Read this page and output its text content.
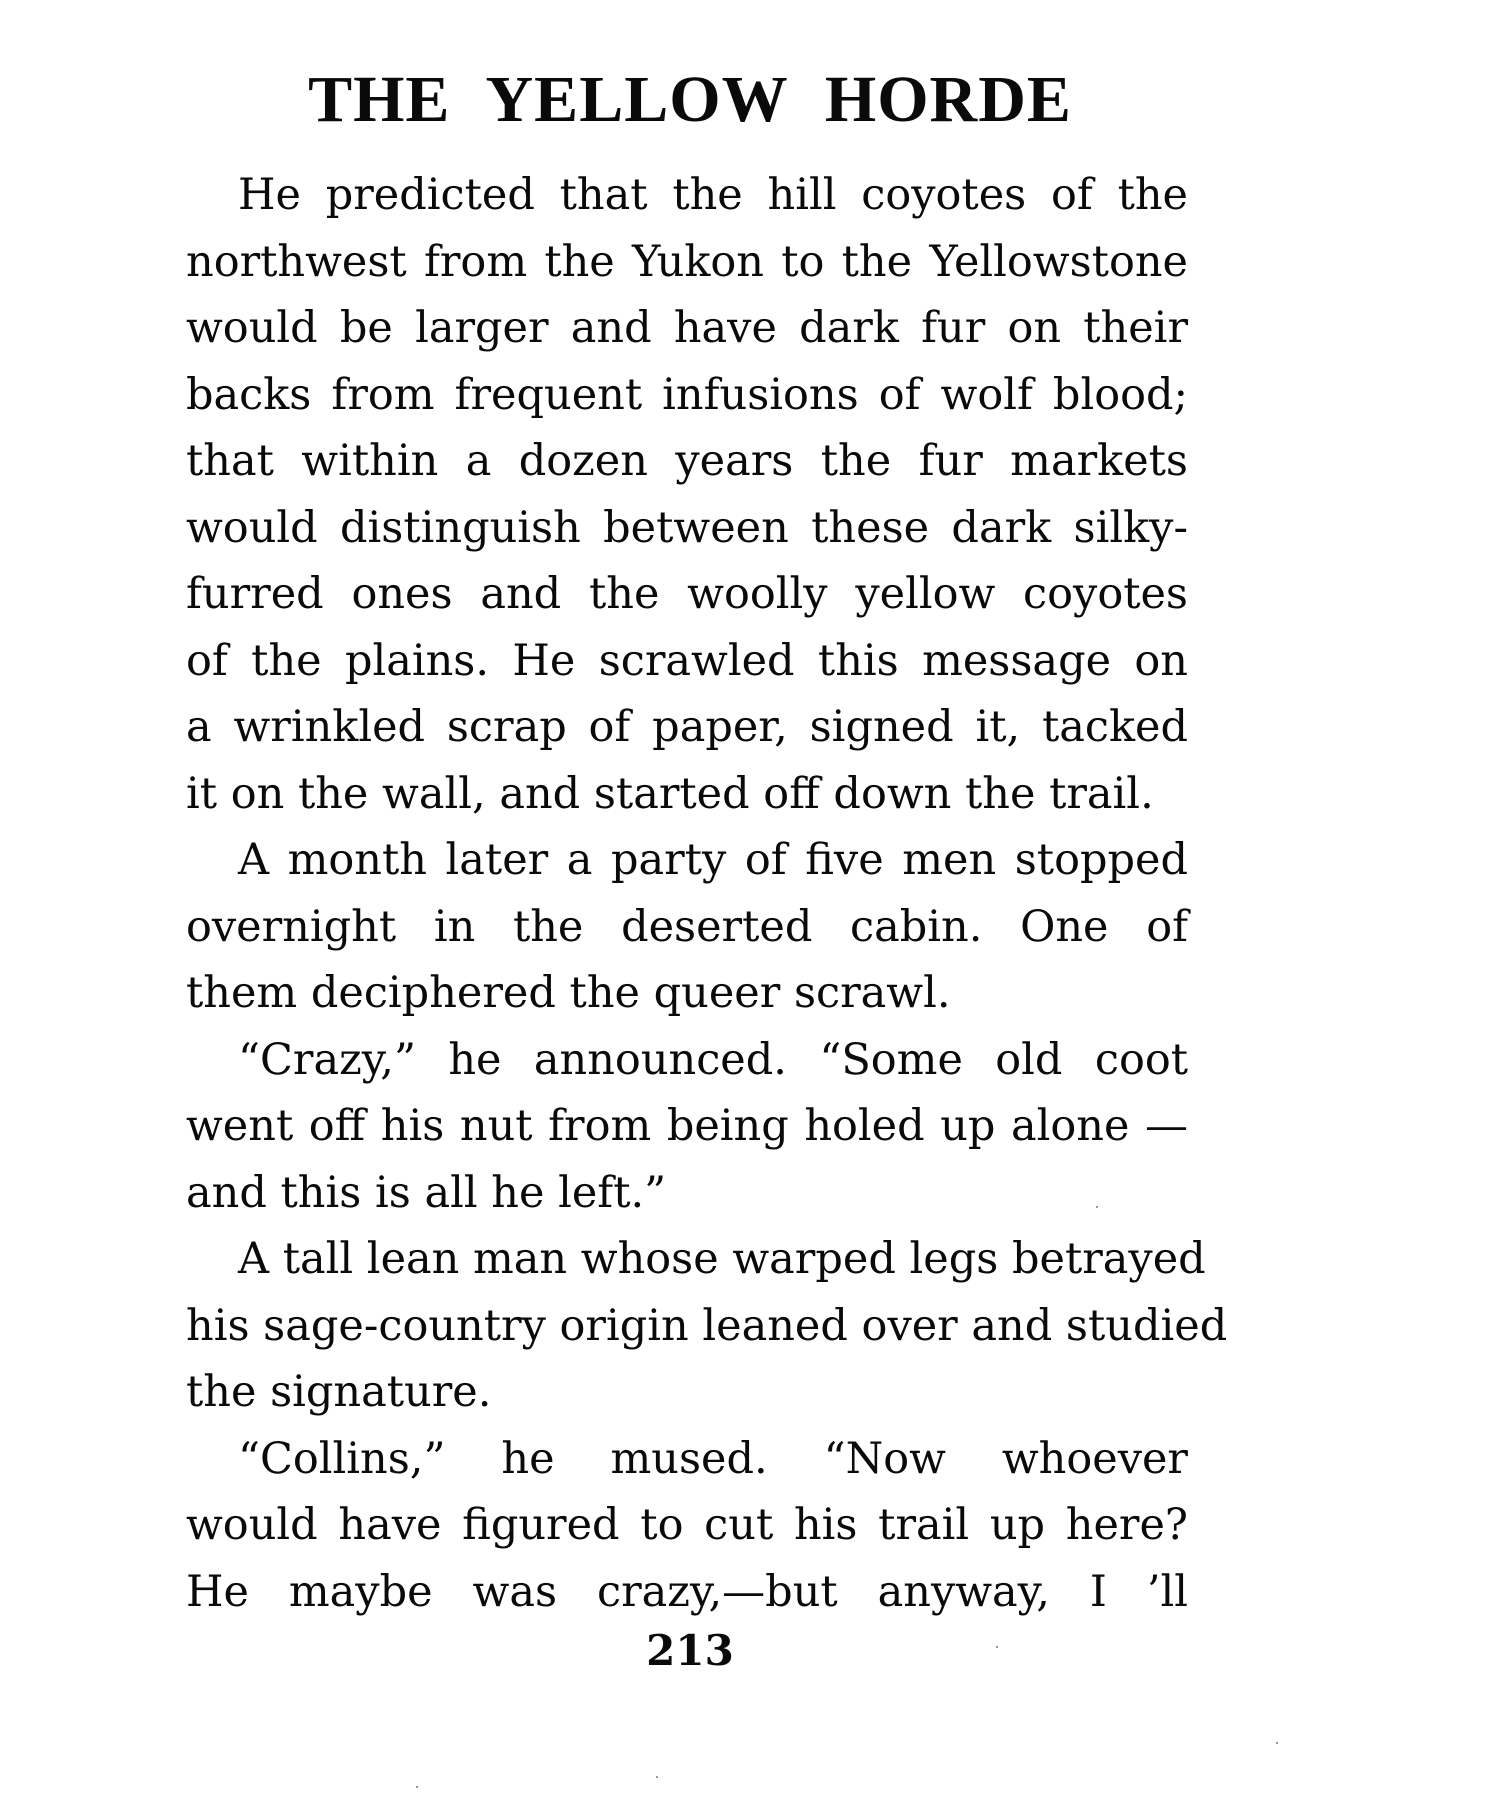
THE YELLOW HORDE
He predicted that the hill coyotes of the
northwest from the Yukon to the Yellowstone
would be larger and have dark fur on their
backs from frequent infusions of wolf blood;
that within a dozen years the fur markets
would distinguish between these dark silky-
furred ones and the woolly yellow coyotes
of the plains. He scrawled this message on
a wrinkled scrap of paper, signed it, tacked
it on the wall, and started off down the trail.
A month later a party of five men stopped
overnight in the deserted cabin. One of
them deciphered the queer scrawl.
“Crazy,” he announced. “Some old coot
went off his nut from being holed up alone —
and this is all he left.”
A tall lean man whose warped legs betrayed
his sage-country origin leaned over and studied
the signature.
“Collins,” he mused. “Now whoever
would have figured to cut his trail up here?
He maybe was crazy,—but anyway, I ’ll
213
